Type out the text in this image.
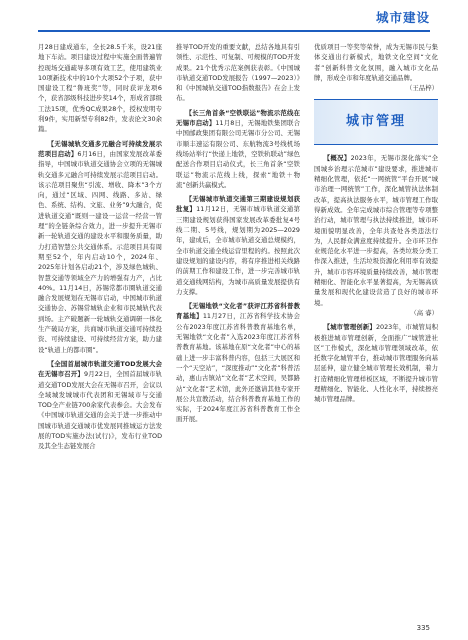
城市建设

月28日建成通车，全长28.5千米，设21座地下车站。项目建设过程中实施全面普遍管控现场交通疏导多项有效工艺，使用建筑业10项新技术中的10个大项52个子项，获中国建设工程“鲁班奖”等，同时获评龙项6个，获省部级科技进步奖14个，形成省部级工法15项，优秀QC成果28个，授权发明专利9件，实用新型专利82件，发表论文30余篇。

【无锡城轨交通多元融合可持续发展示范项目启动】6月16日，由国家发展改革委指导，中国城市轨道交通协会立项的无锡城轨交通多元融合可持续发展示范项目启动。该示范项目聚焦“引流、增收、降本”3个方向，通过“区域、四网、线路、多站、绿色、系统、结构、文旅、业务”9大融合，促进轨道交通“既则一建设一运营一经营一管理”的全链条综合效力，进一步提升无锡市新一轮轨道交通的建设水平和服务质量，助力打造智慧公共交通体系。示范项目具有周期至52个，年内启动10个，2024年、2025年计划各启动21个，涉及绿色城轨、智慧交通等领域全产力的增强有力产，占比40%。11月14日，苏锡常都市圈轨道交通融合发展规划在无锡市启动，中国城市轨道交通协会、苏锡常城轨企业和市民城轨代表到场。主产破题新一轮城轨交通调研一体化生产破局方案，共商城市轨道交通可持续投资、可持续建设、可持续经营方案，助力建设“轨道上的都市圈”。

【全国首届城市轨道交通TOD发展大会在无锡市召开】9月22日，全国首届城市轨道交通TOD发展大会在无锡市召开，会议以全域城发城城市代表团和无锡域市与交通TOD全产业链700余家代表参会。大会发布《中国城市轨道交通的会关于进一步推动中国城市轨道交通城市优发展同推城运方法发展的TOD实施办法(试行)》，发布行业TOD及其全生态链发展合

推导TOD开发的重要文献，总结各地具有引领性、示范性、可复制、可规模的TOD开发成果。21个优秀示范案例获表彰。《中国城市轨道交通TOD发展报告（1997—2023）》和《中国城轨交通TOD指数报告》在会上发布。

【长三角首条“空铁联运”物流示范线在无锡市启动】11月8日，无锡地铁集团联合中国邮政集团有限公司无锡市分公司、无锡市顺丰速运有限公司、东航物流3号线机场线场站举行“快递上地铁，空铁轨联动”绿色配送合作项目启动仪式，长三角首条“空铁联运”物流示范线上线，探索“地铁＋物流”创新共赢模式。

【无锡城市轨道交通第三期建设规划获批复】11月12日，无锡市城市轨道交通第三期建设规划获得国家发展改革委批复4号线二期、5号线，规划期为2025—2029年，建成后，全市城市轨道交通总规模约，全市轨道交通全线运营里程的约。按照此次建设规划的建设内容，将有序推进相关线路的前期工作和建设工作，进一步完善城市轨道交通线网结构，为城市高质量发展提供有力支撑。

【无锡地铁“文化者”获评江苏省科普教育基地】11月27日，江苏省科学技术协会公布2023年度江苏省科普教育基地名单，无锡地铁“文化者”入选2023年度江苏省科普教育基地。该基地在原“文化者”中心的基础上进一步丰富科普内容，包括三大展区和一个“天空站”，“深度推动”“文化者”科普活动，惠山古镇站“文化者”艺术空间，吴都路站“文化者”艺术馆，此外还邀请其他专家开展公共宣教活动，结合科普教育基地工作的实际，于2024年度江苏省科普教育工作全面开展。

优质项目一等奖等荣誉，成为无锡市民与集体交通出行新模式，地铁文化空间“文化者”创新科普文化氛围，融入城市文化品牌，形成全市和年度轨道交通品牌。

（王品梓）
城市管理

【概况】2023年，无锡市深化落实“全国城乡治理示范城市”建设要求，推进城市精细化管理，依托“一网统管”平台开展“城市治理一网统管”工作，深化城管执法体制改革，提高执法服务水平，城市管理工作取得新成效。全年完成城市综合管理等专项整治行动，城市管理与执法持续推进，城市环境面貌明显改善，全年共查处各类违法行为，人民群众满意度持续提升。全市环卫作业规范化水平进一步提高，各类垃圾分类工作深入推进，生活垃圾资源化利用率有效提升，城市市容环境质量持续改善，城市管理精细化、智能化水平显著提高，为无锡高质量发展和现代化建设营造了良好的城市环境。

（高 睿）

【城市管理创新】2023年，市城管局积极推进城市管理创新，全面推广“城管进社区”工作模式，深化城市管理领域改革，依托数字化城管平台，推动城市管理服务向基层延伸，建立健全城市管理长效机制，着力打造精细化管理样板区域，不断提升城市管理精细化、智能化、人性化水平，持续擦亮城市管理品牌。

335
